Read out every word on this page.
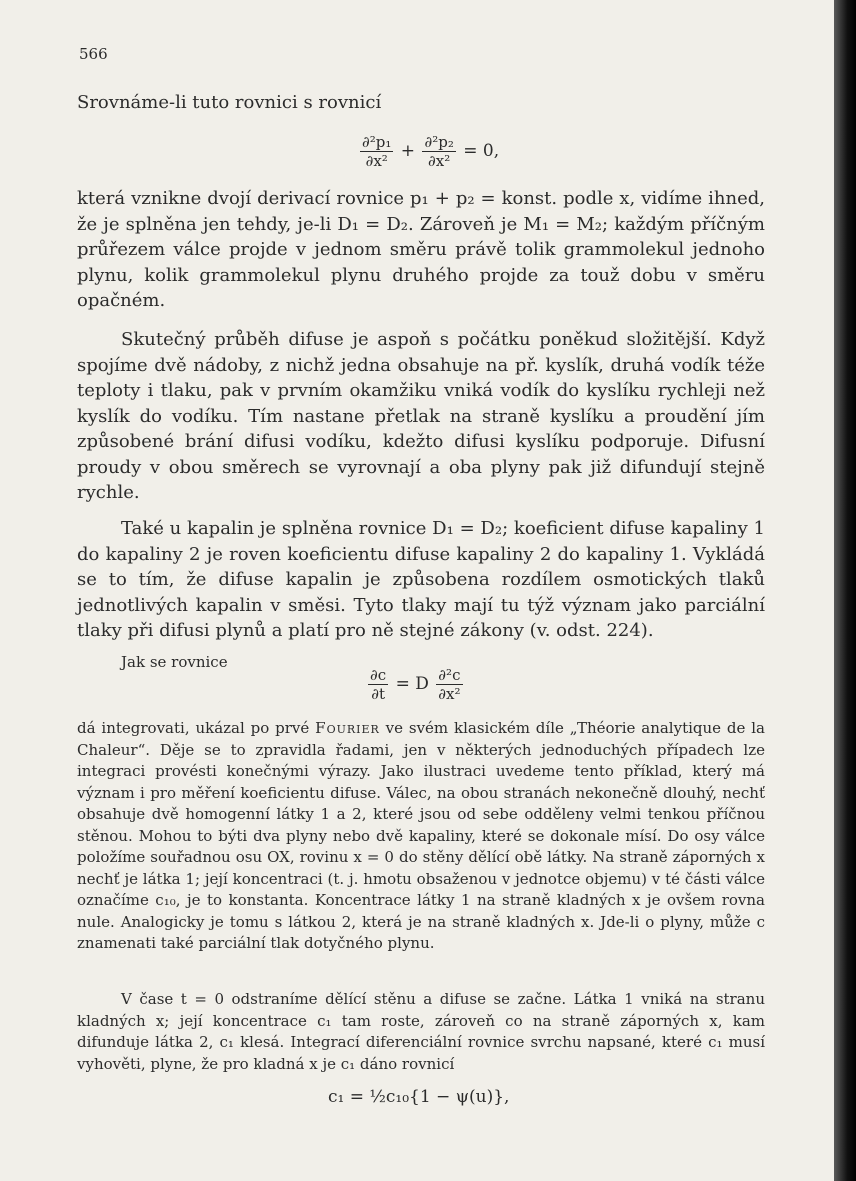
566

Srovnáme-li tuto rovnici s rovnicí

$\frac{\text{∂²p₁}}{\text{∂x²}} + \frac{\text{∂²p₂}}{\text{∂x²}} = 0$,

která vznikne dvojí derivací rovnice p₁ + p₂ = konst. podle x, vidíme ihned, že je splněna jen tehdy, je-li D₁ = D₂. Zároveň je M₁ = M₂; každým příčným průřezem válce projde v jednom směru právě tolik grammolekul jednoho plynu, kolik grammolekul plynu druhého projde za touž dobu v směru opačném.

Skutečný průběh difuse je aspoň s počátku poněkud složitější. Když spojíme dvě nádoby, z nichž jedna obsahuje na př. kyslík, druhá vodík téže teploty i tlaku, pak v prvním okamžiku vniká vodík do kyslíku rychleji než kyslík do vodíku. Tím nastane přetlak na straně kyslíku a proudění jím způsobené brání difusi vodíku, kdežto difusi kyslíku podporuje. Difusní proudy v obou směrech se vyrovnají a oba plyny pak již difundují stejně rychle.

Také u kapalin je splněna rovnice D₁ = D₂; koeficient difuse kapaliny 1 do kapaliny 2 je roven koeficientu difuse kapaliny 2 do kapaliny 1. Vykládá se to tím, že difuse kapalin je způsobena rozdílem osmotických tlaků jednotlivých kapalin v směsi. Tyto tlaky mají tu týž význam jako parciální tlaky při difusi plynů a platí pro ně stejné zákony (v. odst. 224).

Jak se rovnice

$\frac{\partial c}{\partial t} = D \frac{\text{∂²c}}{\text{∂x²}}$

dá integrovati, ukázal po prvé Fourier ve svém klasickém díle „Théorie analytique de la Chaleur“. Děje se to zpravidla řadami, jen v některých jednoduchých případech lze integraci provésti konečnými výrazy. Jako ilustraci uvedeme tento příklad, který má význam i pro měření koeficientu difuse. Válec, na obou stranách nekonečně dlouhý, nechť obsahuje dvě homogenní látky 1 a 2, které jsou od sebe odděleny velmi tenkou příčnou stěnou. Mohou to býti dva plyny nebo dvě kapaliny, které se dokonale mísí. Do osy válce položíme souřadnou osu OX, rovinu x = 0 do stěny dělící obě látky. Na straně záporných x nechť je látka 1; její koncentraci (t. j. hmotu obsaženou v jednotce objemu) v té části válce označíme c₁₀, je to konstanta. Koncentrace látky 1 na straně kladných x je ovšem rovna nule. Analogicky je tomu s látkou 2, která je na straně kladných x. Jde-li o plyny, může c znamenati také parciální tlak dotyčného plynu.

V čase t = 0 odstraníme dělící stěnu a difuse se začne. Látka 1 vniká na stranu kladných x; její koncentrace c₁ tam roste, zároveň co na straně záporných x, kam difunduje látka 2, c₁ klesá. Integrací diferenciální rovnice svrchu napsané, které c₁ musí vyhověti, plyne, že pro kladná x je c₁ dáno rovnicí

c₁ = ½c₁₀{1 − ψ(u)},
